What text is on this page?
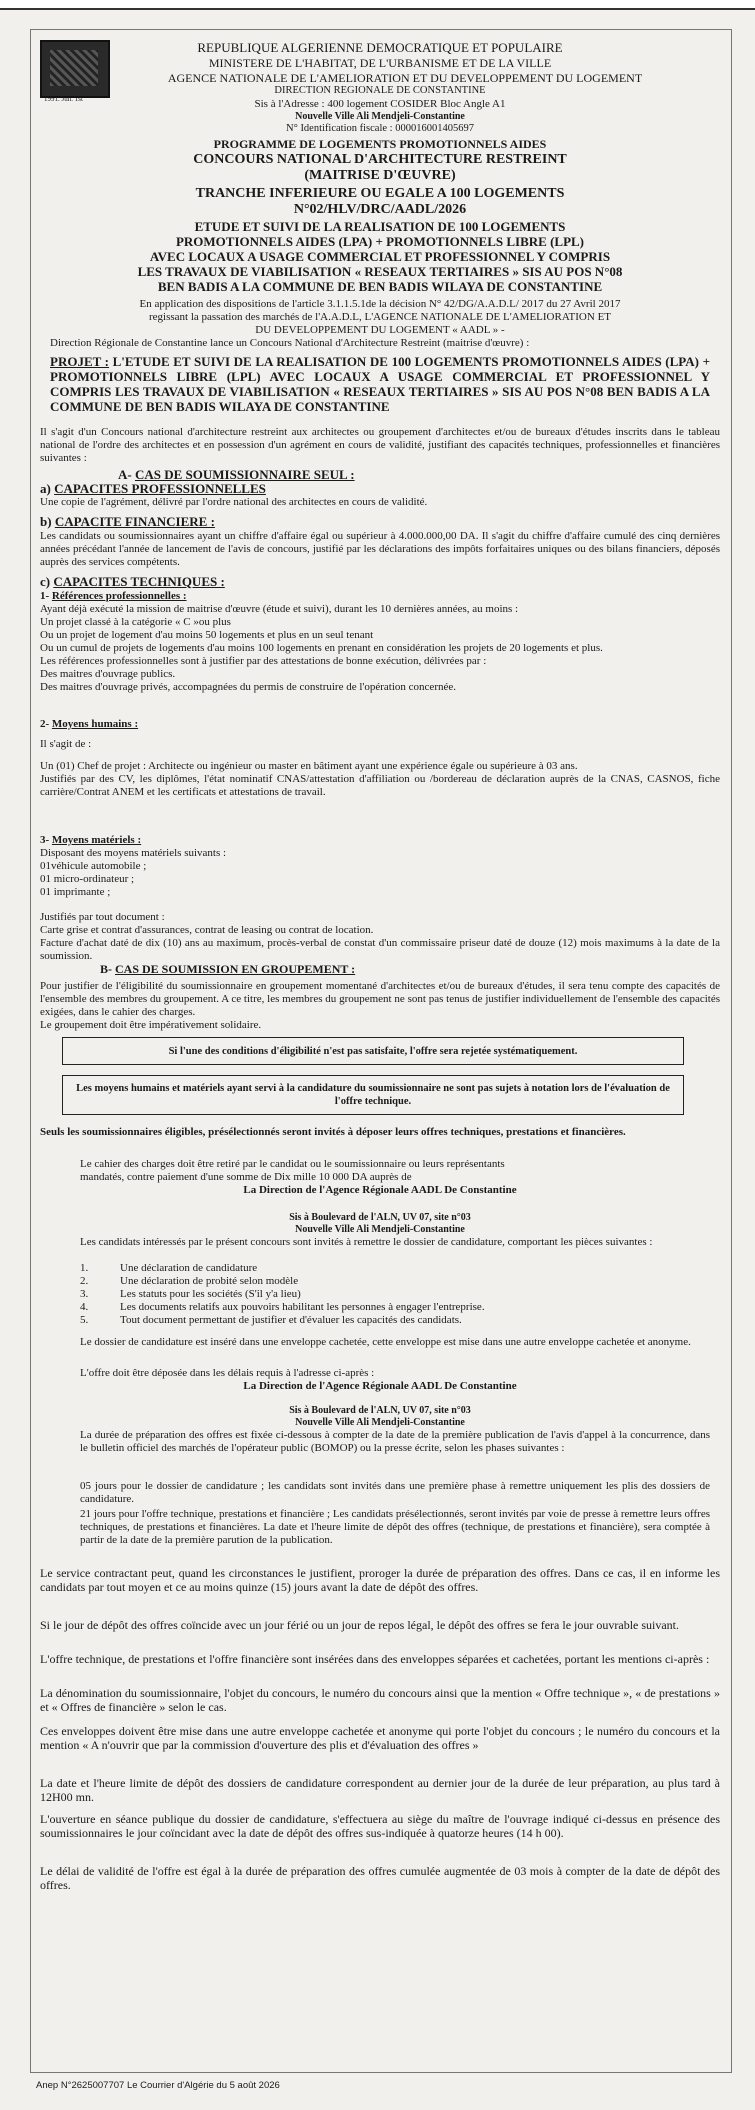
1991. Jun. 1st
REPUBLIQUE ALGERIENNE DEMOCRATIQUE ET POPULAIRE
MINISTERE DE L'HABITAT, DE L'URBANISME ET DE LA VILLE
AGENCE NATIONALE DE L'AMELIORATION ET DU DEVELOPPEMENT DU LOGEMENT
DIRECTION REGIONALE DE CONSTANTINE
Sis à l'Adresse : 400 logement COSIDER Bloc Angle A1
Nouvelle Ville Ali Mendjeli-Constantine
N° Identification fiscale : 000016001405697
PROGRAMME DE LOGEMENTS PROMOTIONNELS AIDES
CONCOURS NATIONAL D'ARCHITECTURE RESTREINT
(MAITRISE D'ŒUVRE)
TRANCHE INFERIEURE OU EGALE A 100 LOGEMENTS
N°02/HLV/DRC/AADL/2026
ETUDE ET SUIVI DE LA REALISATION DE 100 LOGEMENTS
PROMOTIONNELS AIDES (LPA) + PROMOTIONNELS LIBRE (LPL)
AVEC LOCAUX A USAGE COMMERCIAL ET PROFESSIONNEL Y COMPRIS
LES TRAVAUX DE VIABILISATION « RESEAUX TERTIAIRES » SIS AU POS N°08
BEN BADIS A LA COMMUNE DE BEN BADIS WILAYA DE CONSTANTINE
En application des dispositions de l'article 3.1.1.5.1de la décision N° 42/DG/A.A.D.L/ 2017 du 27 Avril 2017
regissant la passation des marchés de l'A.A.D.L, L'AGENCE NATIONALE DE L'AMELIORATION ET
DU DEVELOPPEMENT DU LOGEMENT « AADL » -
Direction Régionale de Constantine lance un Concours National d'Architecture Restreint (maitrise d'œuvre) :
PROJET : L'ETUDE ET SUIVI DE LA REALISATION DE 100 LOGEMENTS PROMOTIONNELS AIDES (LPA) + PROMOTIONNELS LIBRE (LPL) AVEC LOCAUX A USAGE COMMERCIAL ET PROFESSIONNEL Y COMPRIS LES TRAVAUX DE VIABILISATION « RESEAUX TERTIAIRES » SIS AU POS N°08 BEN BADIS A LA COMMUNE DE BEN BADIS WILAYA DE CONSTANTINE
Il s'agit d'un Concours national d'architecture restreint aux architectes ou groupement d'architectes et/ou de bureaux d'études inscrits dans le tableau national de l'ordre des architectes et en possession d'un agrément en cours de validité, justifiant des capacités techniques, professionnelles et financières suivantes :
A- CAS DE SOUMISSIONNAIRE SEUL :
a) CAPACITES PROFESSIONNELLES
Une copie de l'agrément, délivré par l'ordre national des architectes en cours de validité.
b) CAPACITE FINANCIERE :
Les candidats ou soumissionnaires ayant un chiffre d'affaire égal ou supérieur à 4.000.000,00 DA. Il s'agit du chiffre d'affaire cumulé des cinq dernières années précédant l'année de lancement de l'avis de concours, justifié par les déclarations des impôts forfaitaires uniques ou des bilans financiers, déposés auprès des services compétents.
c) CAPACITES TECHNIQUES :
1- Références professionnelles :
Ayant déjà exécuté la mission de maitrise d'œuvre (étude et suivi), durant les 10 dernières années, au moins :
Un projet classé à la catégorie « C »ou plus
Ou un projet de logement d'au moins 50 logements et plus en un seul tenant
Ou un cumul de projets de logements d'au moins 100 logements en prenant en considération les projets de 20 logements et plus.
Les références professionnelles sont à justifier par des attestations de bonne exécution, délivrées par :
Des maitres d'ouvrage publics.
Des maitres d'ouvrage privés, accompagnées du permis de construire de l'opération concernée.
2- Moyens humains :
Il s'agit de :
Un (01) Chef de projet : Architecte ou ingénieur ou master en bâtiment ayant une expérience égale ou supérieure à 03 ans.
Justifiés par des CV, les diplômes, l'état nominatif CNAS/attestation d'affiliation ou /bordereau de déclaration auprès de la CNAS, CASNOS, fiche carrière/Contrat ANEM et les certificats et attestations de travail.
3- Moyens matériels :
Disposant des moyens matériels suivants :
01véhicule automobile ;
01 micro-ordinateur ;
01 imprimante ;
Justifiés par tout document :
Carte grise et contrat d'assurances, contrat de leasing ou contrat de location.
Facture d'achat daté de dix (10) ans au maximum, procès-verbal de constat d'un commissaire priseur daté de douze (12) mois maximums à la date de la soumission.
B- CAS DE SOUMISSION EN GROUPEMENT :
Pour justifier de l'éligibilité du soumissionnaire en groupement momentané d'architectes et/ou de bureaux d'études, il sera tenu compte des capacités de l'ensemble des membres du groupement. A ce titre, les membres du groupement ne sont pas tenus de justifier individuellement de l'ensemble des capacités exigées, dans le cahier des charges.
Le groupement doit être impérativement solidaire.
Si l'une des conditions d'éligibilité n'est pas satisfaite, l'offre sera rejetée systématiquement.
Les moyens humains et matériels ayant servi à la candidature du soumissionnaire ne sont pas sujets à notation lors de l'évaluation de l'offre technique.
Seuls les soumissionnaires éligibles, présélectionnés seront invités à déposer leurs offres techniques, prestations et financières.
Le cahier des charges doit être retiré par le candidat ou le soumissionnaire ou leurs représentants
mandatés, contre paiement d'une somme de Dix mille 10 000 DA auprès de
La Direction de l'Agence Régionale AADL De Constantine
Sis à Boulevard de l'ALN, UV 07, site n°03
Nouvelle Ville Ali Mendjeli-Constantine
Les candidats intéressés par le présent concours sont invités à remettre le dossier de candidature, comportant les pièces suivantes :
1.	Une déclaration de candidature
2.	Une déclaration de probité selon modèle
3.	Les statuts pour les sociétés (S'il y'a lieu)
4.	Les documents relatifs aux pouvoirs habilitant les personnes à engager l'entreprise.
5.	Tout document permettant de justifier et d'évaluer les capacités des candidats.
Le dossier de candidature est inséré dans une enveloppe cachetée, cette enveloppe est mise dans une autre enveloppe cachetée et anonyme.
L'offre doit être déposée dans les délais requis à l'adresse ci-après :
La Direction de l'Agence Régionale AADL De Constantine
Sis à Boulevard de l'ALN, UV 07, site n°03
Nouvelle Ville Ali Mendjeli-Constantine
La durée de préparation des offres est fixée ci-dessous à compter de la date de la première publication de l'avis d'appel à la concurrence, dans le bulletin officiel des marchés de l'opérateur public (BOMOP) ou la presse écrite, selon les phases suivantes :
05 jours pour le dossier de candidature ; les candidats sont invités dans une première phase à remettre uniquement les plis des dossiers de candidature.
21 jours pour l'offre technique, prestations et financière ; Les candidats présélectionnés, seront invités par voie de presse à remettre leurs offres techniques, de prestations et financières. La date et l'heure limite de dépôt des offres (technique, de prestations et financière), sera comptée à partir de la date de la première parution de la publication.
Le service contractant peut, quand les circonstances le justifient, proroger la durée de préparation des offres. Dans ce cas, il en informe les candidats par tout moyen et ce au moins quinze (15) jours avant la date de dépôt des offres.
Si le jour de dépôt des offres coïncide avec un jour férié ou un jour de repos légal, le dépôt des offres se fera le jour ouvrable suivant.
L'offre technique, de prestations et l'offre financière sont insérées dans des enveloppes séparées et cachetées, portant les mentions ci-après :
La dénomination du soumissionnaire, l'objet du concours, le numéro du concours ainsi que la mention « Offre technique », « de prestations » et « Offres de financière » selon le cas.
Ces enveloppes doivent être mise dans une autre enveloppe cachetée et anonyme qui porte l'objet du concours ; le numéro du concours et la mention « A n'ouvrir que par la commission d'ouverture des plis et d'évaluation des offres »
La date et l'heure limite de dépôt des dossiers de candidature correspondent au dernier jour de la durée de leur préparation, au plus tard à 12H00 mn.
L'ouverture en séance publique du dossier de candidature, s'effectuera au siège du maître de l'ouvrage indiqué ci-dessus en présence des soumissionnaires le jour coïncidant avec la date de dépôt des offres sus-indiquée à quatorze heures (14 h 00).
Le délai de validité de l'offre est égal à la durée de préparation des offres cumulée augmentée de 03 mois à compter de la date de dépôt des offres.
Anep N°2625007707 Le Courrier d'Algérie du 5 août 2026
